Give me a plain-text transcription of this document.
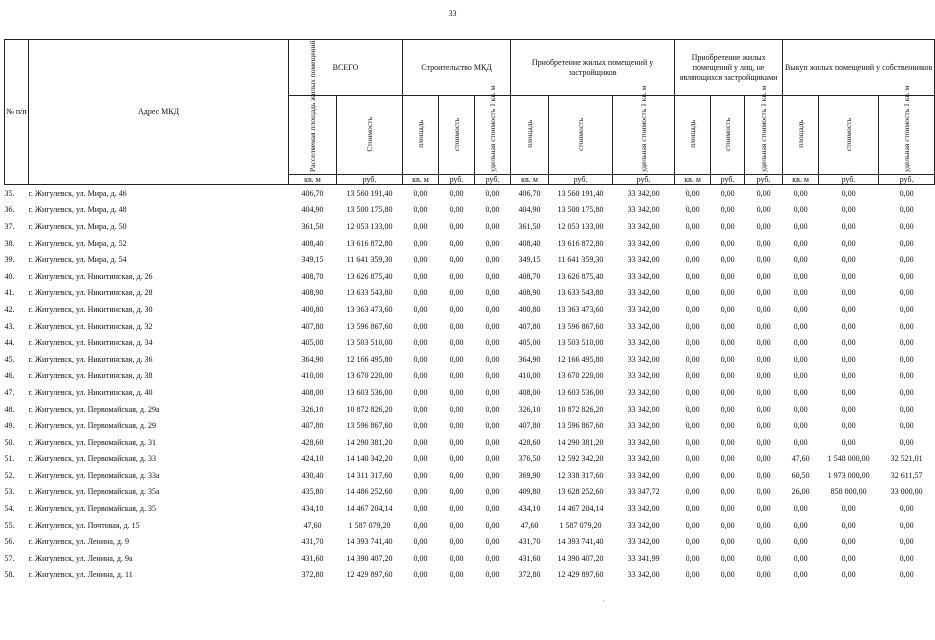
33
№ п/п	Адрес МКД	ВСЕГО		Строительство МКД			Приобретение жилых помещений у застройщиков			Приобретение жилых помещений у лиц, не являющихся застройщиками			Выкуп жилых помещений у собственников		
		Расселяемая площадь жилых помещений	Стоимость	площадь	стоимость	удельная стоимость 1 кв. м	площадь	стоимость	удельная стоимость 1 кв. м	площадь	стоимость	удельная стоимость 1 кв. м	площадь	стоимость	удельная стоимость 1 кв. м
		кв. м	руб.	кв. м	руб.	руб.	кв. м	руб.	руб.	кв. м	руб.	руб.	кв. м	руб.	руб.
35.	г. Жигулевск, ул. Мира, д. 46	406,70	13 560 191,40	0,00	0,00	0,00	406,70	13 560 191,40	33 342,00	0,00	0,00	0,00	0,00	0,00	0,00
36.	г. Жигулевск, ул. Мира, д. 48	404,90	13 500 175,80	0,00	0,00	0,00	404,90	13 500 175,80	33 342,00	0,00	0,00	0,00	0,00	0,00	0,00
37.	г. Жигулевск, ул. Мира, д. 50	361,50	12 053 133,00	0,00	0,00	0,00	361,50	12 053 133,00	33 342,00	0,00	0,00	0,00	0,00	0,00	0,00
38.	г. Жигулевск, ул. Мира, д. 52	408,40	13 616 872,80	0,00	0,00	0,00	408,40	13 616 872,80	33 342,00	0,00	0,00	0,00	0,00	0,00	0,00
39.	г. Жигулевск, ул. Мира, д. 54	349,15	11 641 359,30	0,00	0,00	0,00	349,15	11 641 359,30	33 342,00	0,00	0,00	0,00	0,00	0,00	0,00
40.	г. Жигулевск, ул. Никитинская, д. 26	408,70	13 626 875,40	0,00	0,00	0,00	408,70	13 626 875,40	33 342,00	0,00	0,00	0,00	0,00	0,00	0,00
41.	г. Жигулевск, ул. Никитинская, д. 28	408,90	13 633 543,80	0,00	0,00	0,00	408,90	13 633 543,80	33 342,00	0,00	0,00	0,00	0,00	0,00	0,00
42.	г. Жигулевск, ул. Никитинская, д. 30	400,80	13 363 473,60	0,00	0,00	0,00	400,80	13 363 473,60	33 342,00	0,00	0,00	0,00	0,00	0,00	0,00
43.	г. Жигулевск, ул. Никитинская, д. 32	407,80	13 596 867,60	0,00	0,00	0,00	407,80	13 596 867,60	33 342,00	0,00	0,00	0,00	0,00	0,00	0,00
44.	г. Жигулевск, ул. Никитинская, д. 34	405,00	13 503 510,00	0,00	0,00	0,00	405,00	13 503 510,00	33 342,00	0,00	0,00	0,00	0,00	0,00	0,00
45.	г. Жигулевск, ул. Никитинская, д. 36	364,90	12 166 495,80	0,00	0,00	0,00	364,90	12 166 495,80	33 342,00	0,00	0,00	0,00	0,00	0,00	0,00
46.	г. Жигулевск, ул. Никитинская, д. 38	410,00	13 670 220,00	0,00	0,00	0,00	410,00	13 670 220,00	33 342,00	0,00	0,00	0,00	0,00	0,00	0,00
47.	г. Жигулевск, ул. Никитинская, д. 40	408,00	13 603 536,00	0,00	0,00	0,00	408,00	13 603 536,00	33 342,00	0,00	0,00	0,00	0,00	0,00	0,00
48.	г. Жигулевск, ул. Первомайская, д. 29а	326,10	10 872 826,20	0,00	0,00	0,00	326,10	10 872 826,20	33 342,00	0,00	0,00	0,00	0,00	0,00	0,00
49.	г. Жигулевск, ул. Первомайская, д. 29	407,80	13 596 867,60	0,00	0,00	0,00	407,80	13 596 867,60	33 342,00	0,00	0,00	0,00	0,00	0,00	0,00
50.	г. Жигулевск, ул. Первомайская, д. 31	428,60	14 290 381,20	0,00	0,00	0,00	428,60	14 290 381,20	33 342,00	0,00	0,00	0,00	0,00	0,00	0,00
51.	г. Жигулевск, ул. Первомайская, д. 33	424,10	14 140 342,20	0,00	0,00	0,00	376,50	12 592 342,20	33 342,00	0,00	0,00	0,00	47,60	1 548 000,00	32 521,01
52.	г. Жигулевск, ул. Первомайская, д. 33а	430,40	14 311 317,60	0,00	0,00	0,00	369,90	12 338 317,60	33 342,00	0,00	0,00	0,00	60,50	1 973 000,00	32 611,57
53.	г. Жигулевск, ул. Первомайская, д. 35а	435,80	14 486 252,60	0,00	0,00	0,00	409,80	13 628 252,60	33 347,72	0,00	0,00	0,00	26,00	858 000,00	33 000,00
54.	г. Жигулевск, ул. Первомайская, д. 35	434,10	14 467 204,14	0,00	0,00	0,00	434,10	14 467 204,14	33 342,00	0,00	0,00	0,00	0,00	0,00	0,00
55.	г. Жигулевск, ул. Почтовая, д. 15	47,60	1 587 079,20	0,00	0,00	0,00	47,60	1 587 079,20	33 342,00	0,00	0,00	0,00	0,00	0,00	0,00
56.	г. Жигулевск, ул. Ленина, д. 9	431,70	14 393 741,40	0,00	0,00	0,00	431,70	14 393 741,40	33 342,00	0,00	0,00	0,00	0,00	0,00	0,00
57.	г. Жигулевск, ул. Ленина, д. 9а	431,60	14 390 407,20	0,00	0,00	0,00	431,60	14 390 407,20	33 341,99	0,00	0,00	0,00	0,00	0,00	0,00
58.	г. Жигулевск, ул. Ленина, д. 11	372,80	12 429 897,60	0,00	0,00	0,00	372,80	12 429 897,60	33 342,00	0,00	0,00	0,00	0,00	0,00	0,00
'
